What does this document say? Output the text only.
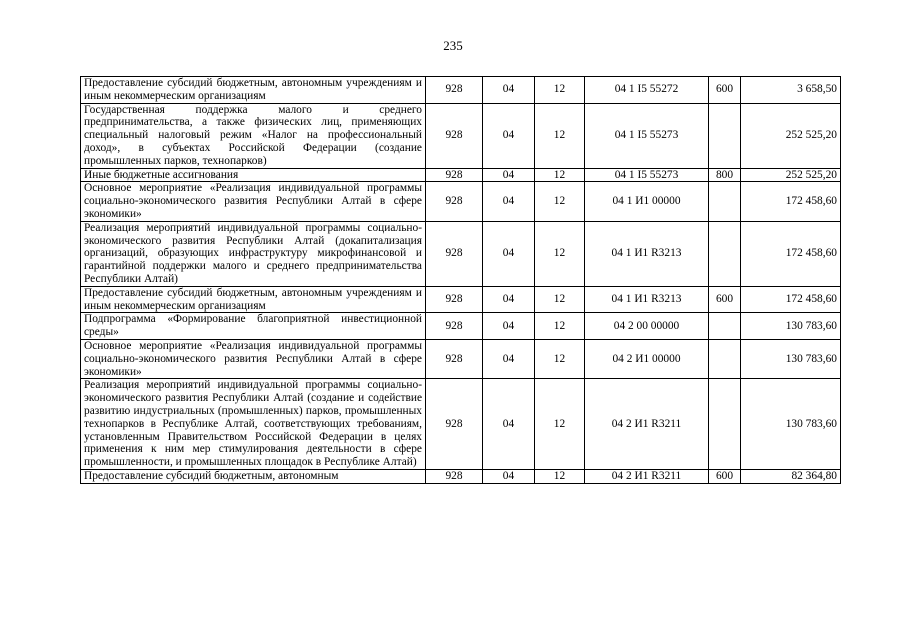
235
Предоставление субсидий бюджетным, автономным учреждениям и иным некоммерческим организациям	928	04	12	04 1 I5 55272	600	3 658,50
Государственная поддержка малого и среднего предпринимательства, а также физических лиц, применяющих специальный налоговый режим «Налог на профессиональный доход», в субъектах Российской Федерации (создание промышленных парков, технопарков)	928	04	12	04 1 I5 55273		252 525,20
Иные бюджетные ассигнования	928	04	12	04 1 I5 55273	800	252 525,20
Основное мероприятие «Реализация индивидуальной программы социально-экономического развития Республики Алтай в сфере экономики»	928	04	12	04 1 И1 00000		172 458,60
Реализация мероприятий индивидуальной программы социально-экономического развития Республики Алтай (докапитализация организаций, образующих инфраструктуру микрофинансовой и гарантийной поддержки малого и среднего предпринимательства Республики Алтай)	928	04	12	04 1 И1 R3213		172 458,60
Предоставление субсидий бюджетным, автономным учреждениям и иным некоммерческим организациям	928	04	12	04 1 И1 R3213	600	172 458,60
Подпрограмма «Формирование благоприятной инвестиционной среды»	928	04	12	04 2 00 00000		130 783,60
Основное мероприятие «Реализация индивидуальной программы социально-экономического развития Республики Алтай в сфере экономики»	928	04	12	04 2 И1 00000		130 783,60
Реализация мероприятий индивидуальной программы социально-экономического развития Республики Алтай (создание и содействие развитию индустриальных (промышленных) парков, промышленных технопарков в Республике Алтай, соответствующих требованиям, установленным Правительством Российской Федерации в целях применения к ним мер стимулирования деятельности в сфере промышленности, и промышленных площадок в Республике Алтай)	928	04	12	04 2 И1 R3211		130 783,60
Предоставление субсидий бюджетным, автономным	928	04	12	04 2 И1 R3211	600	82 364,80
